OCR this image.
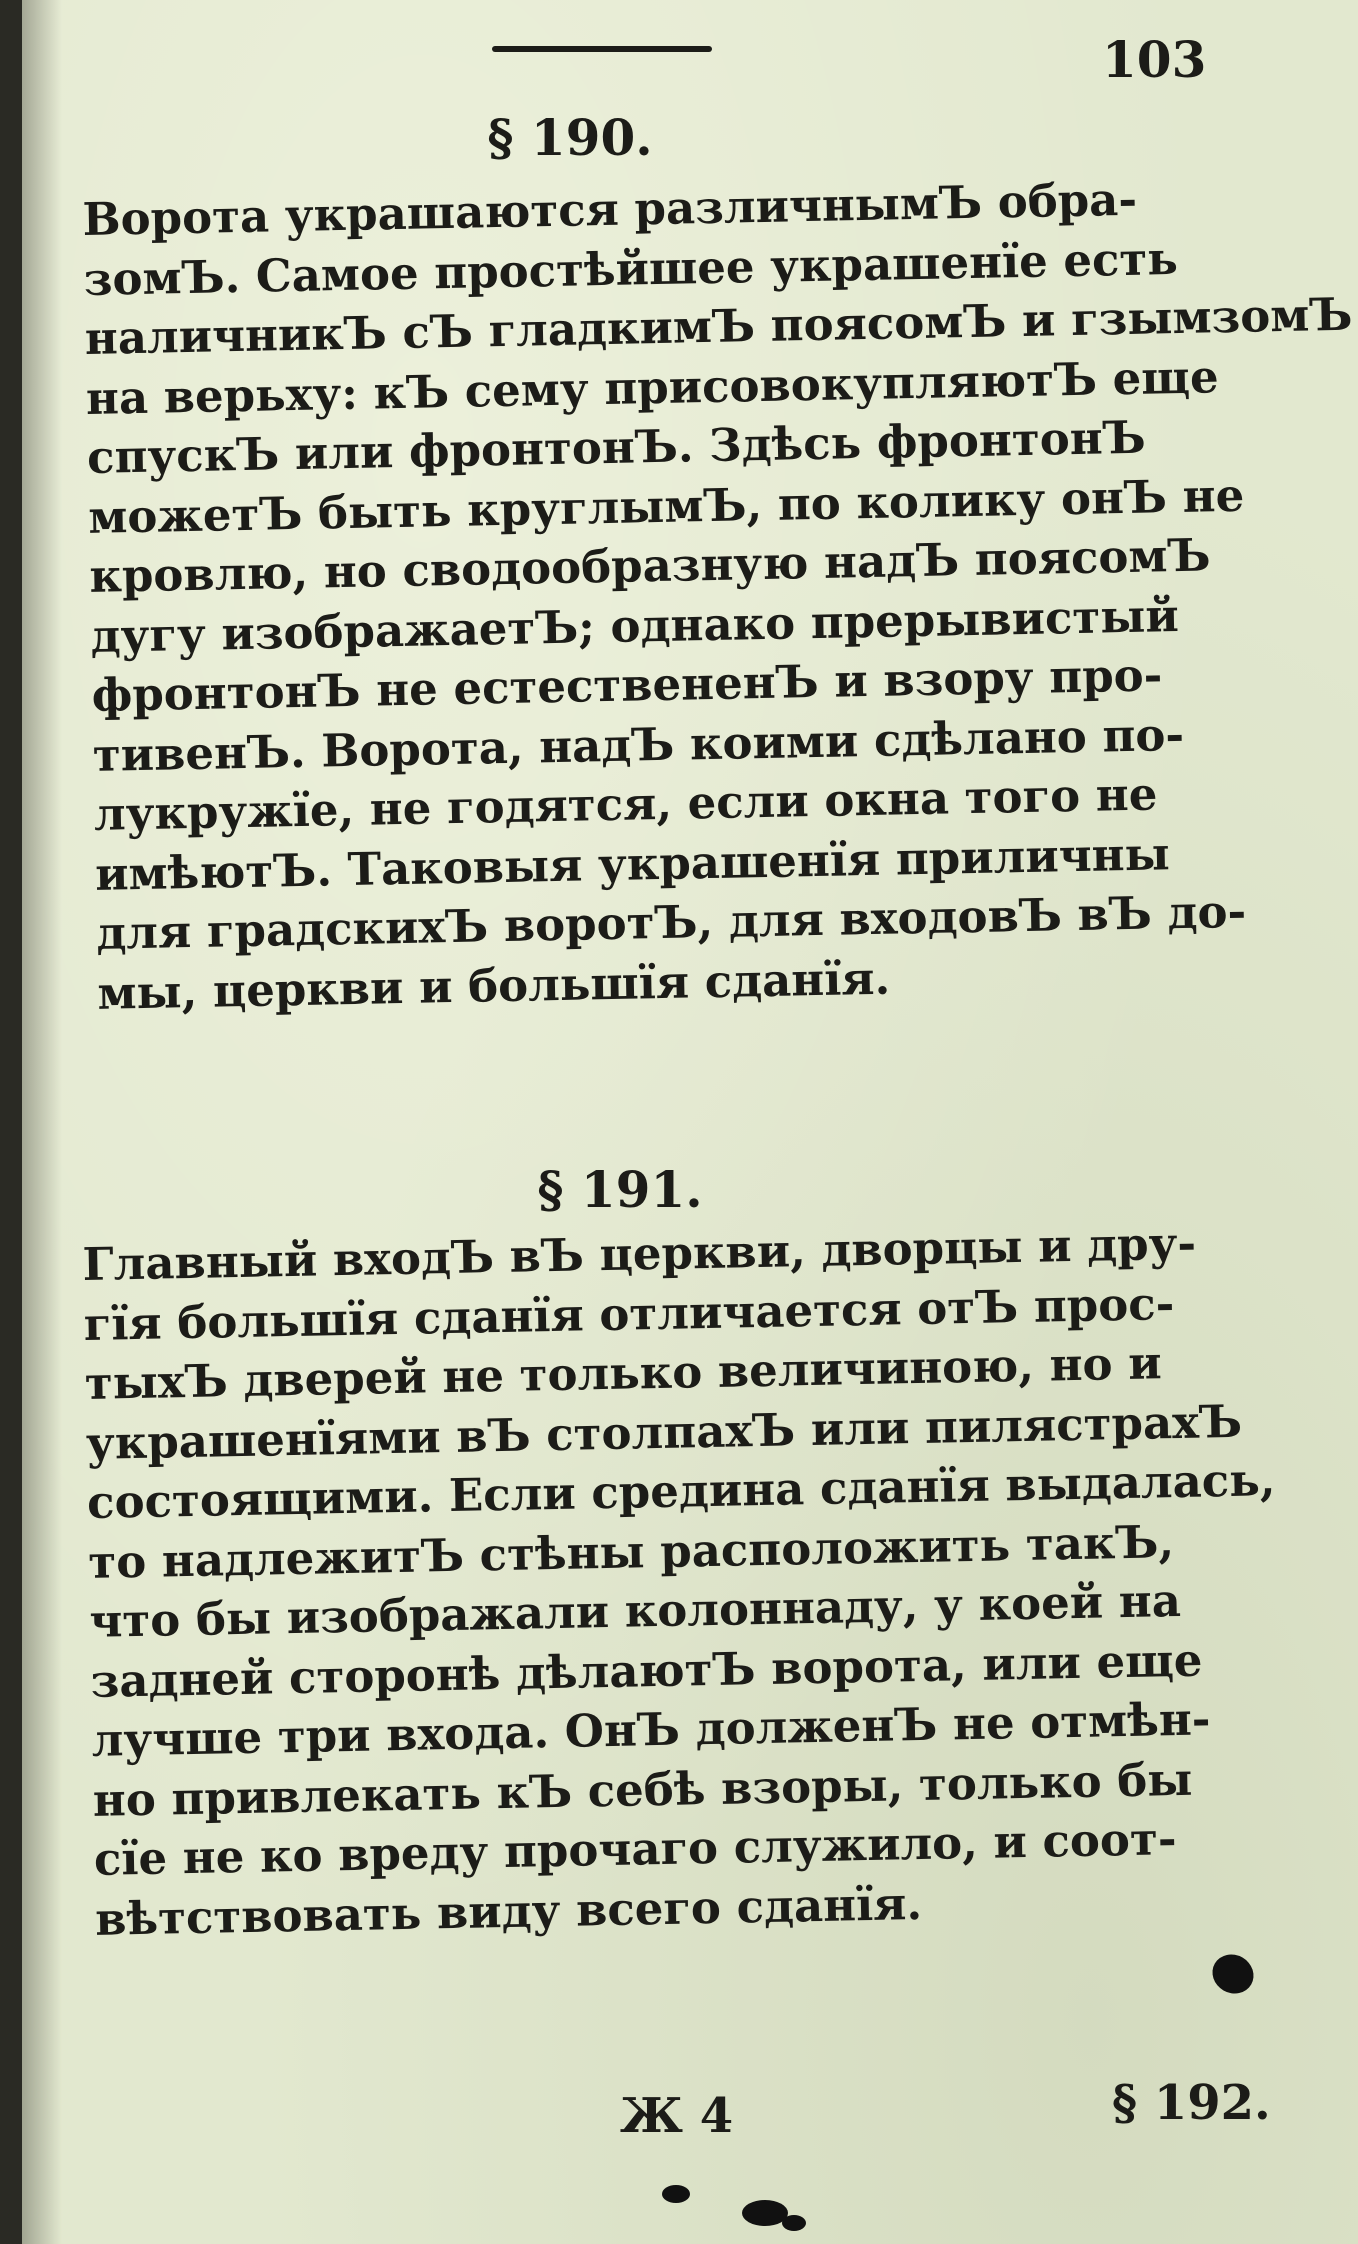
103
§ 190.
Ворота украшаются различнымЪ обра-
зомЪ. Самое простѣйшее украшенїе есть
наличникЪ сЪ гладкимЪ поясомЪ и гзымзомЪ
на верьху: кЪ сему присовокупляютЪ еще
спускЪ или фронтонЪ. Здѣсь фронтонЪ
можетЪ быть круглымЪ, по колику онЪ не
кровлю, но сводообразную надЪ поясомЪ
дугу изображаетЪ; однако прерывистый
фронтонЪ не естествененЪ и взору про-
тивенЪ. Ворота, надЪ коими сдѣлано по-
лукружїе, не годятся, если окна того не
имѣютЪ. Таковыя украшенїя приличны
для градскихЪ воротЪ, для входовЪ вЪ до-
мы, церкви и большїя сданїя.
§ 191.
Главный входЪ вЪ церкви, дворцы и дру-
гїя большїя сданїя отличается отЪ прос-
тыхЪ дверей не только величиною, но и
украшенїями вЪ столпахЪ или пилястрахЪ
состоящими. Если средина сданїя выдалась,
то надлежитЪ стѣны расположить такЪ,
что бы изображали колоннаду, у коей на
задней сторонѣ дѣлаютЪ ворота, или еще
лучше три входа. ОнЪ долженЪ не отмѣн-
но привлекать кЪ себѣ взоры, только бы
сїе не ко вреду прочаго служило, и соот-
вѣтствовать виду всего сданїя.
Ж 4	§ 192.
